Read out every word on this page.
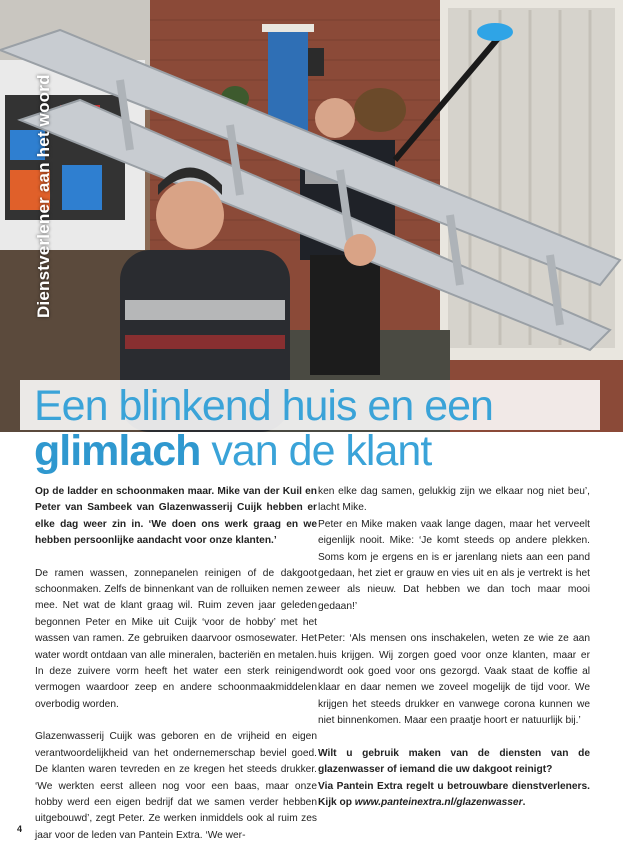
Dienstverlener aan het woord
Een blinkend huis en een
glimlach van de klant

Op de ladder en schoonmaken maar. Mike van der Kuil en Peter van Sambeek van Glazenwasserij Cuijk hebben er elke dag weer zin in. ‘We doen ons werk graag en we hebben persoonlijke aandacht voor onze klanten.’

De ramen wassen, zonnepanelen reinigen of de dakgoot schoonmaken. Zelfs de binnenkant van de rolluiken nemen ze mee. Net wat de klant graag wil. Ruim zeven jaar geleden begonnen Peter en Mike uit Cuijk ‘voor de hobby’ met het wassen van ramen. Ze gebruiken daarvoor osmosewater. Het water wordt ontdaan van alle mineralen, bacteriën en metalen. In deze zuivere vorm heeft het water een sterk reinigend vermogen waardoor zeep en andere schoonmaakmiddelen overbodig worden.

Glazenwasserij Cuijk was geboren en de vrijheid en eigen verantwoordelijkheid van het ondernemerschap beviel goed. De klanten waren tevreden en ze kregen het steeds drukker. ‘We werkten eerst alleen nog voor een baas, maar onze hobby werd een eigen bedrijf dat we samen verder hebben uitgebouwd’, zegt Peter. Ze werken inmiddels ook al ruim zes jaar voor de leden van Pantein Extra. ‘We wer-

ken elke dag samen, gelukkig zijn we elkaar nog niet beu’, lacht Mike.

Peter en Mike maken vaak lange dagen, maar het verveelt eigenlijk nooit. Mike: ‘Je komt steeds op andere plekken. Soms kom je ergens en is er jarenlang niets aan een pand gedaan, het ziet er grauw en vies uit en als je vertrekt is het weer als nieuw. Dat hebben we dan toch maar mooi gedaan!’

Peter: ‘Als mensen ons inschakelen, weten ze wie ze aan huis krijgen. Wij zorgen goed voor onze klanten, maar er wordt ook goed voor ons gezorgd. Vaak staat de koffie al klaar en daar nemen we zoveel mogelijk de tijd voor. We krijgen het steeds drukker en vanwege corona kunnen we niet binnenkomen. Maar een praatje hoort er natuurlijk bij.’

Wilt u gebruik maken van de diensten van de glazenwasser of iemand die uw dakgoot reinigt?
Via Pantein Extra regelt u betrouwbare dienstverleners. Kijk op www.panteinextra.nl/glazenwasser.

4
